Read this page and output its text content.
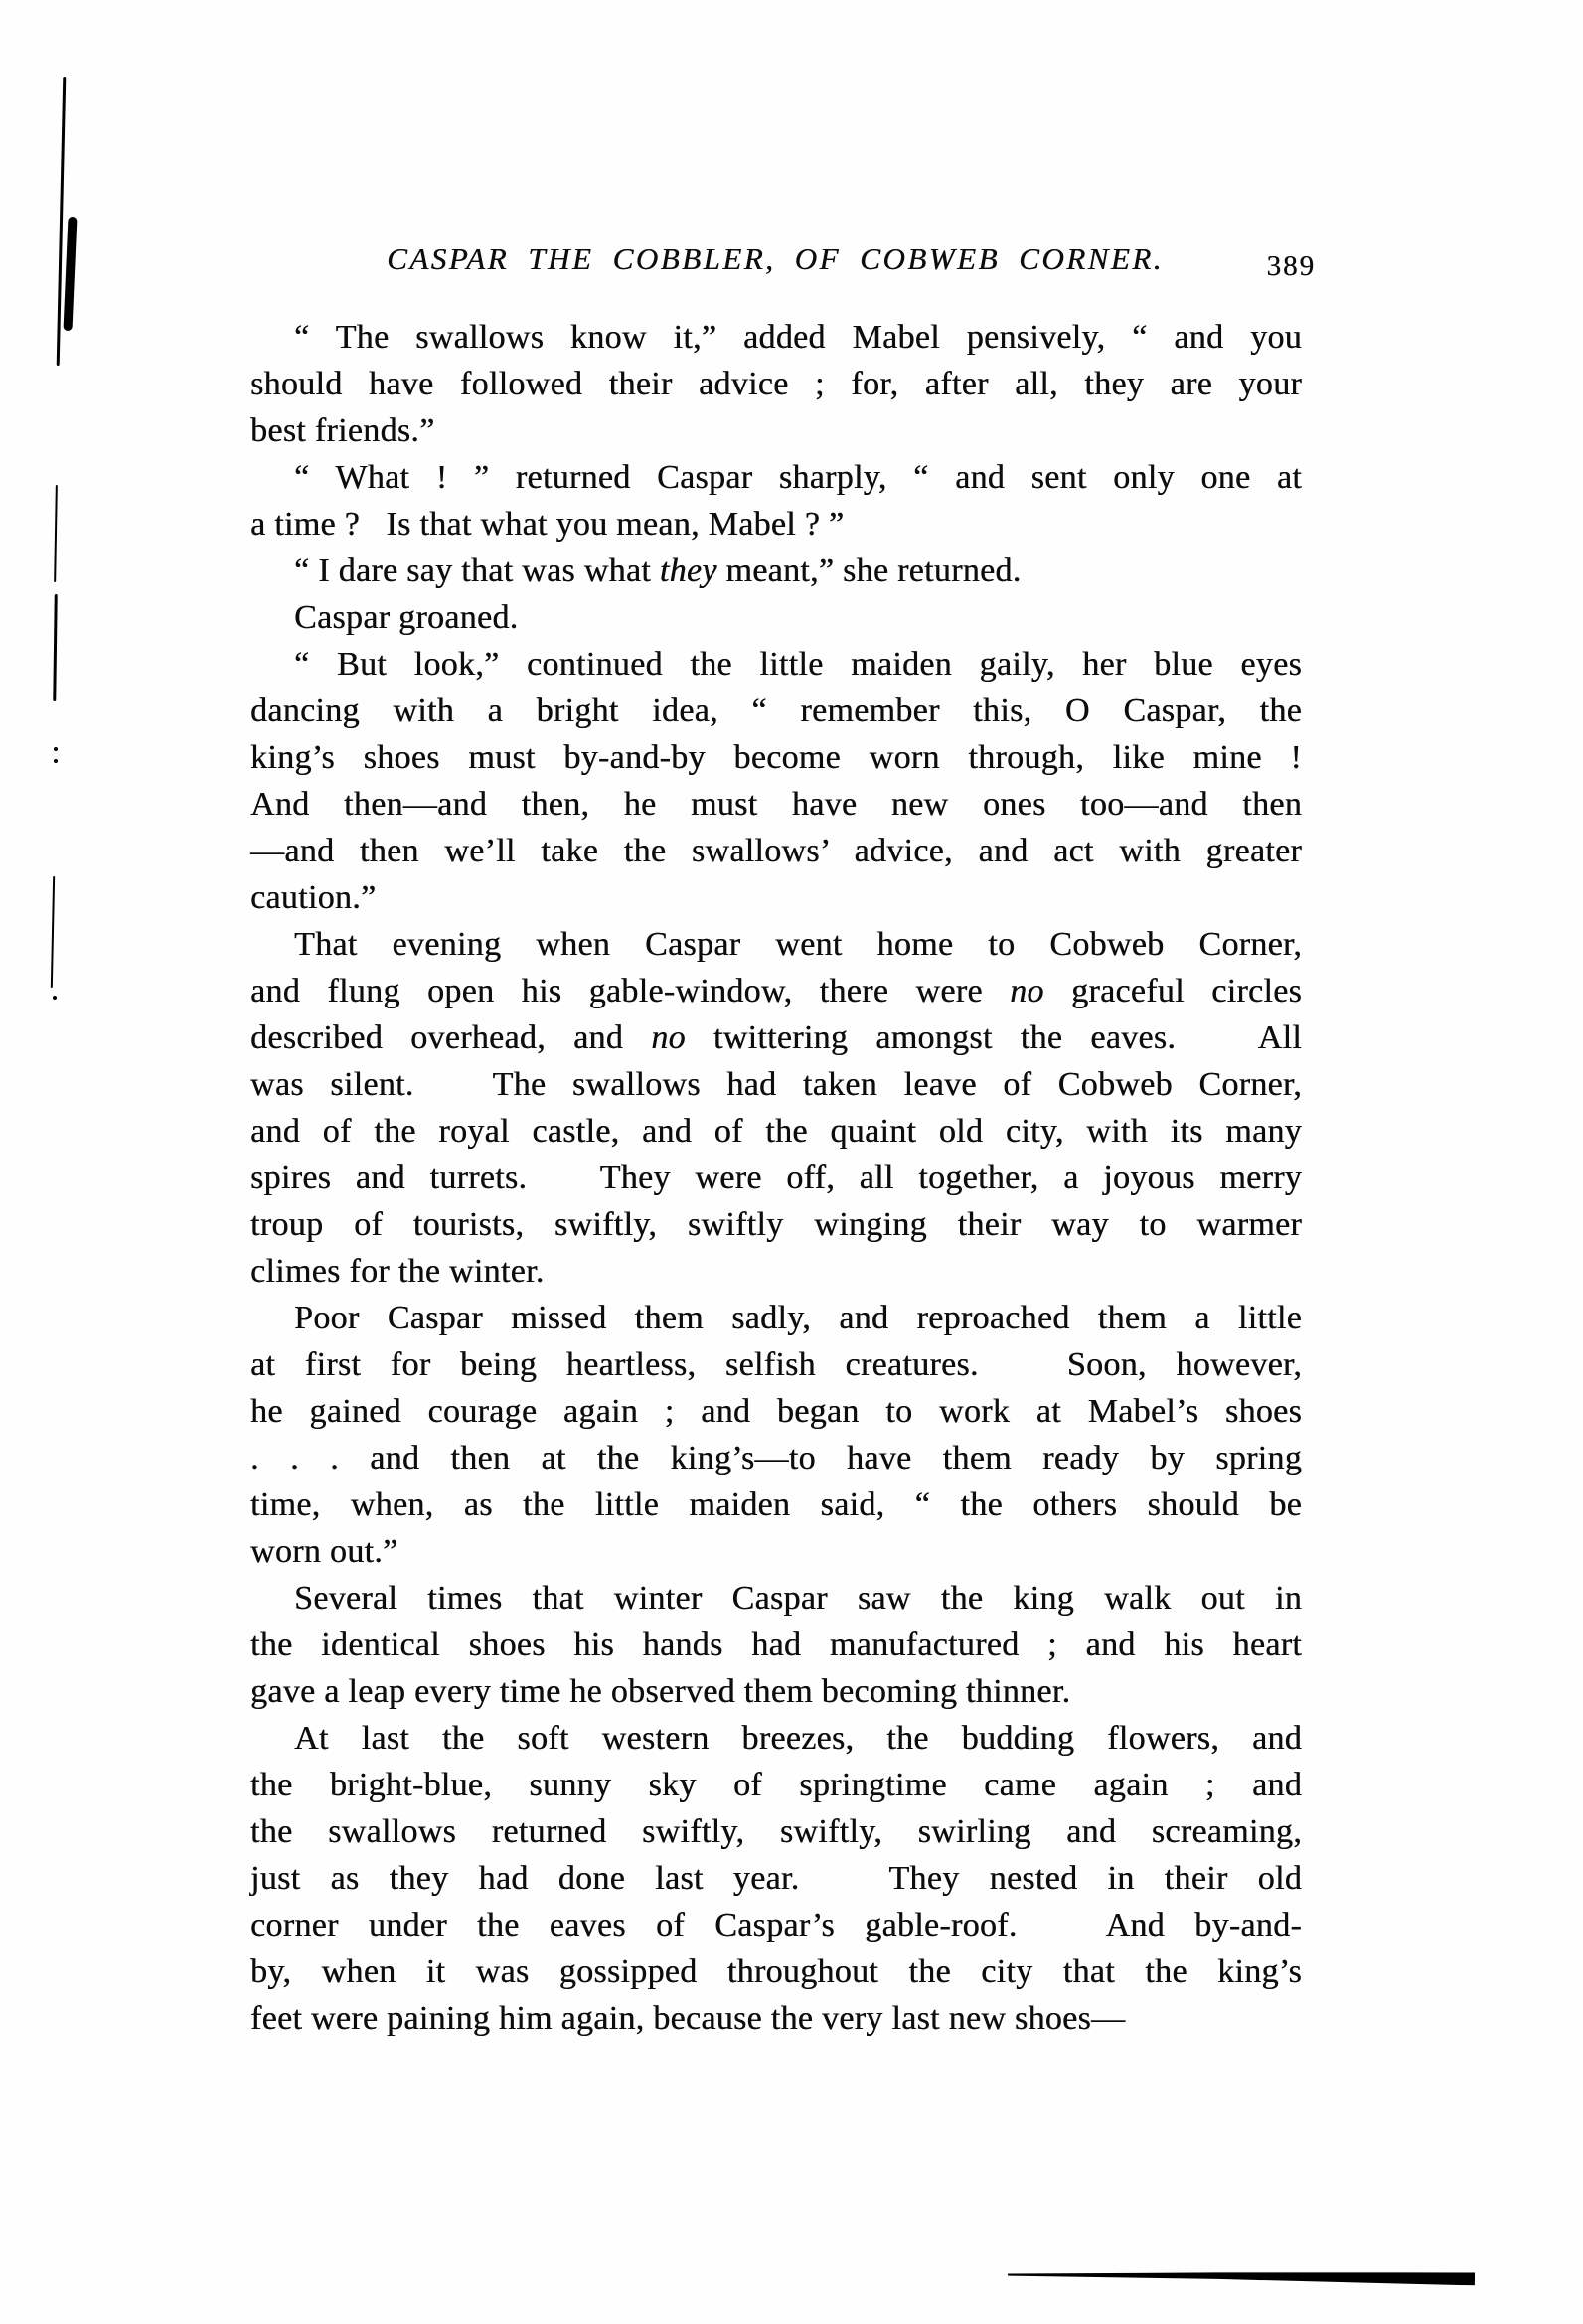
CASPAR THE COBBLER, OF COBWEB CORNER.	389
“ The swallows know it,” added Mabel pensively, “ and you
should have followed their advice ; for, after all, they are your
best friends.”
“ What ! ” returned Caspar sharply, “ and sent only one at
a time ?   Is that what you mean, Mabel ? ”
“ I dare say that was what they meant,” she returned.
Caspar groaned.
“ But look,” continued the little maiden gaily, her blue eyes
dancing with a bright idea, “ remember this, O Caspar, the
king’s shoes must by-and-by become worn through, like mine !
And then—and then, he must have new ones too—and then
—and then we’ll take the swallows’ advice, and act with greater
caution.”
That evening when Caspar went home to Cobweb Corner,
and flung open his gable-window, there were no graceful circles
described overhead, and no twittering amongst the eaves.   All
was silent.   The swallows had taken leave of Cobweb Corner,
and of the royal castle, and of the quaint old city, with its many
spires and turrets.   They were off, all together, a joyous merry
troup of tourists, swiftly, swiftly winging their way to warmer
climes for the winter.
Poor Caspar missed them sadly, and reproached them a little
at first for being heartless, selfish creatures.   Soon, however,
he gained courage again ; and began to work at Mabel’s shoes
. . . and then at the king’s—to have them ready by spring
time, when, as the little maiden said, “ the others should be
worn out.”
Several times that winter Caspar saw the king walk out in
the identical shoes his hands had manufactured ; and his heart
gave a leap every time he observed them becoming thinner.
At last the soft western breezes, the budding flowers, and
the bright-blue, sunny sky of springtime came again ; and
the swallows returned swiftly, swiftly, swirling and screaming,
just as they had done last year.   They nested in their old
corner under the eaves of Caspar’s gable-roof.   And by-and-
by, when it was gossipped throughout the city that the king’s
feet were paining him again, because the very last new shoes—
